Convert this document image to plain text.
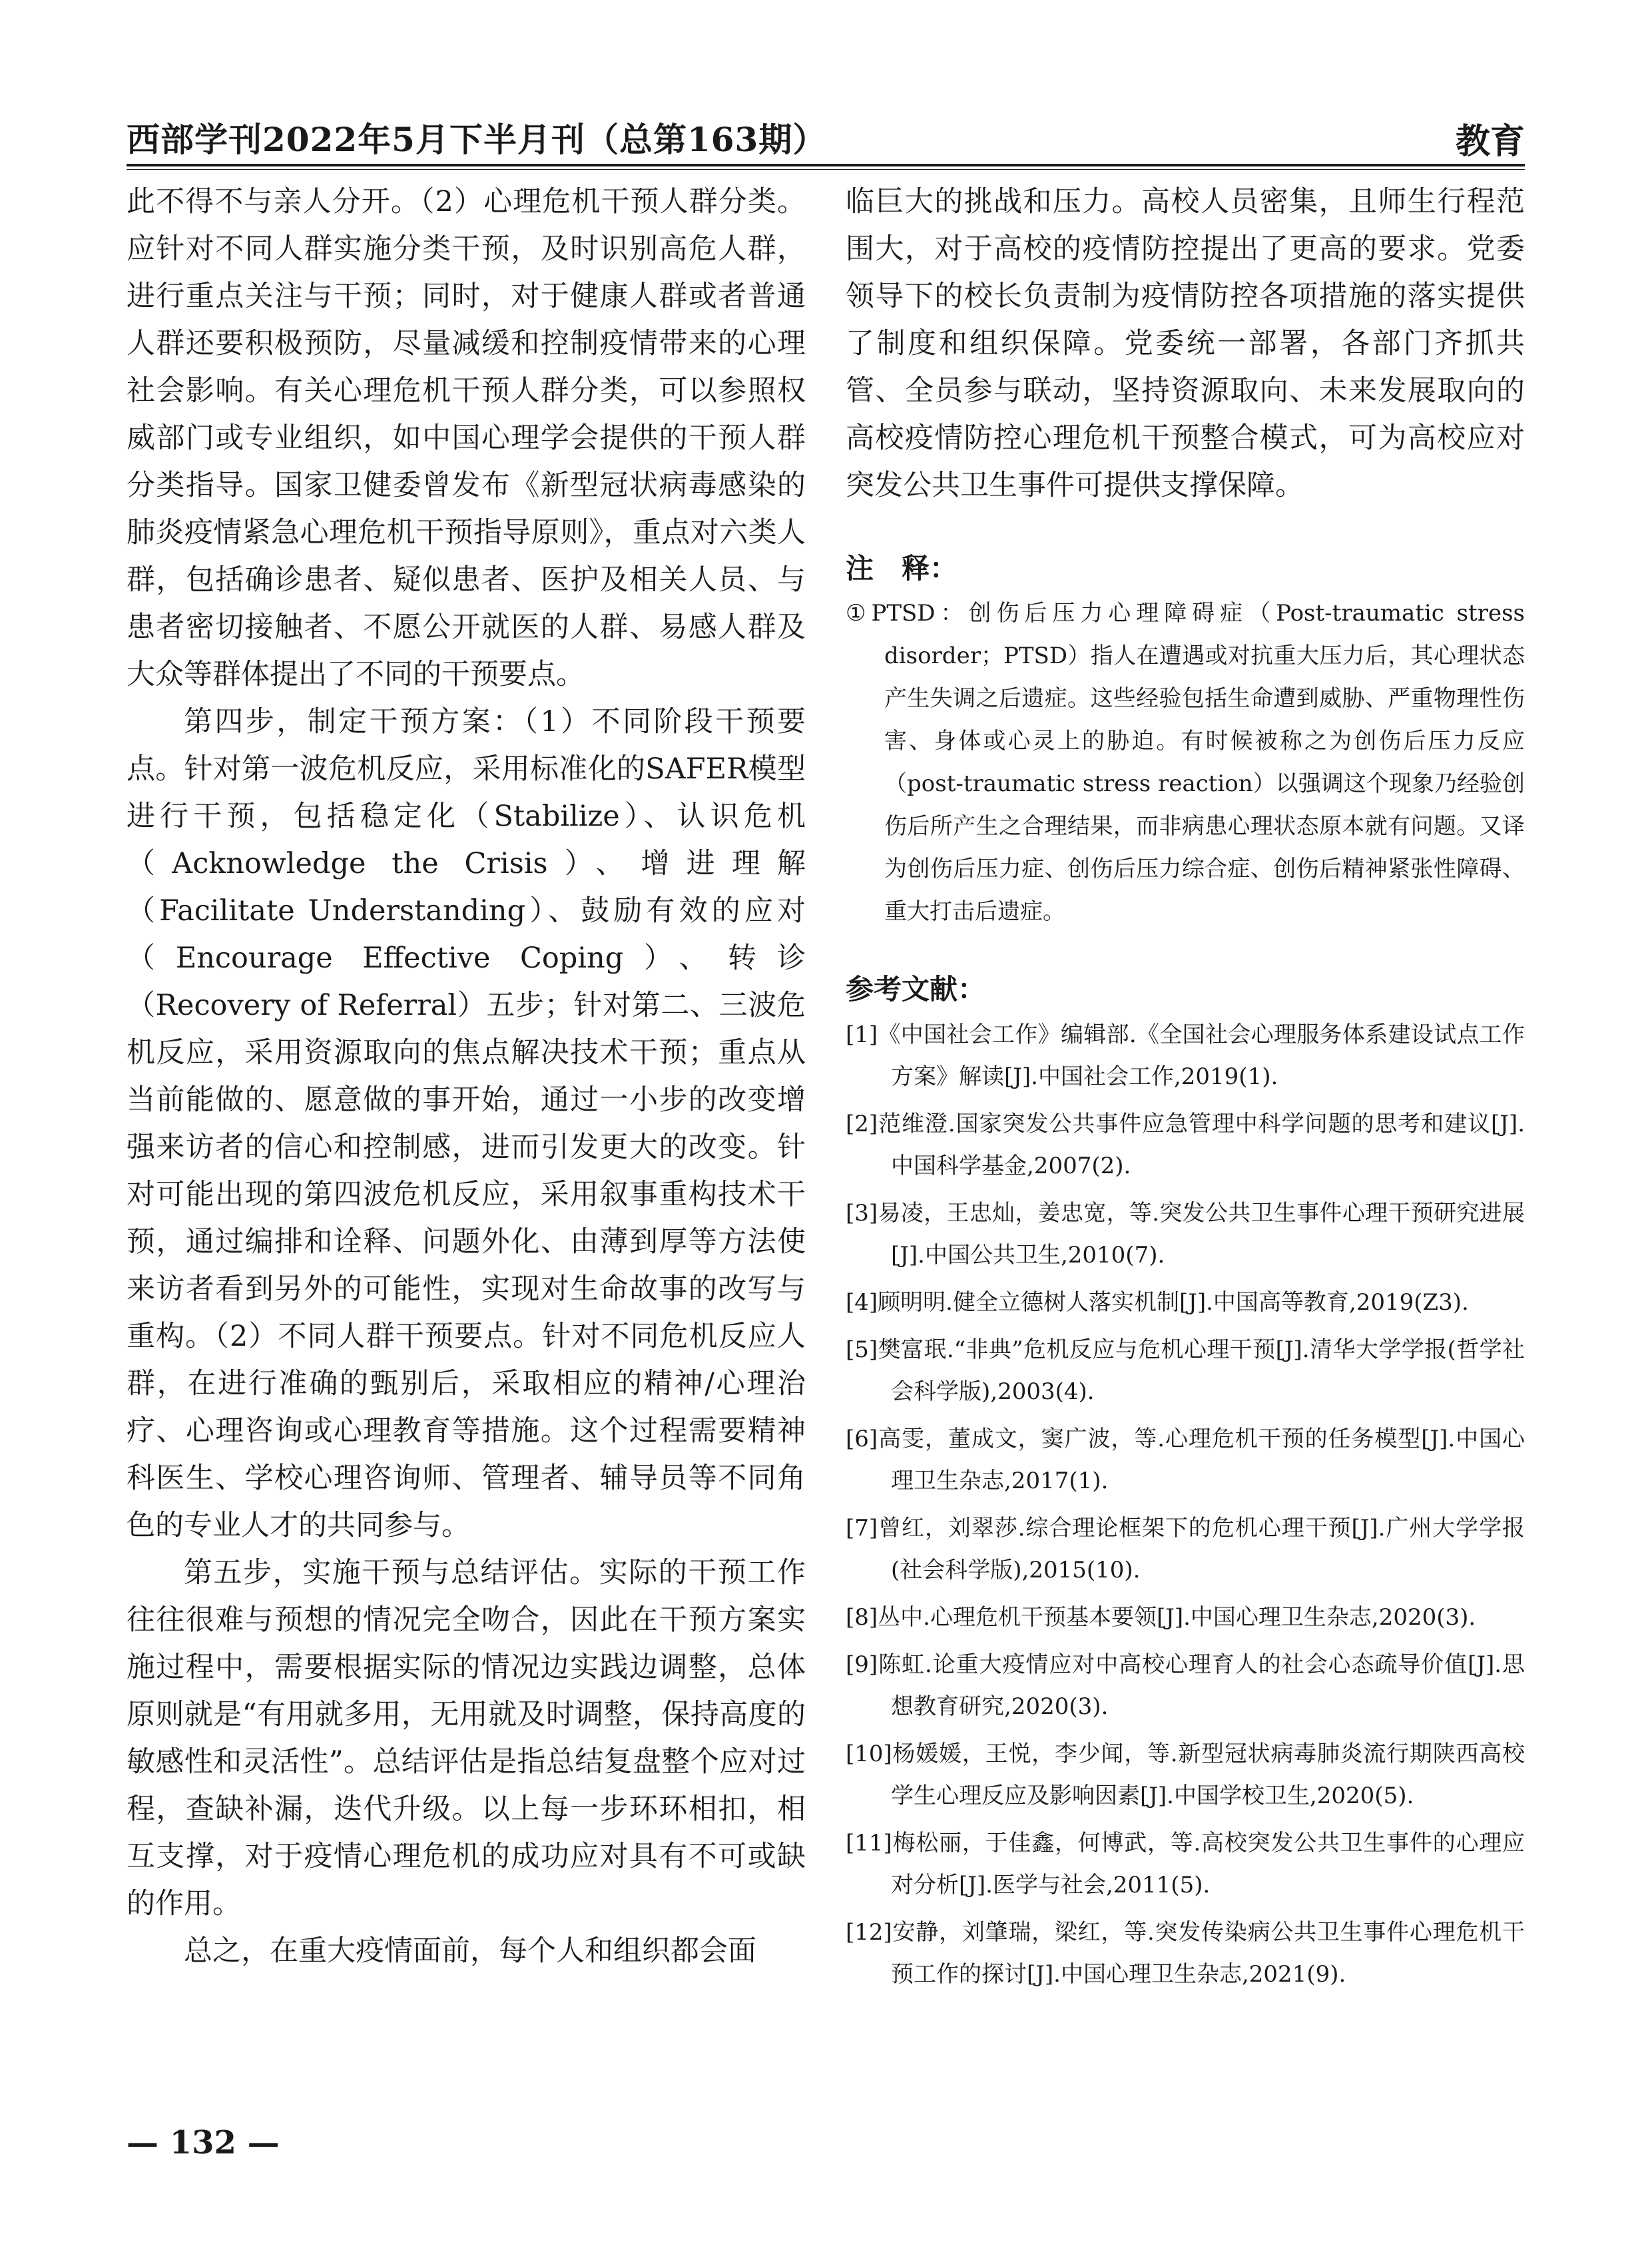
西部学刊2022年5月下半月刊（总第163期）	教育

此不得不与亲人分开。（2）心理危机干预人群分类。应针对不同人群实施分类干预，及时识别高危人群，进行重点关注与干预；同时，对于健康人群或者普通人群还要积极预防，尽量减缓和控制疫情带来的心理社会影响。有关心理危机干预人群分类，可以参照权威部门或专业组织，如中国心理学会提供的干预人群分类指导。国家卫健委曾发布《新型冠状病毒感染的肺炎疫情紧急心理危机干预指导原则》，重点对六类人群，包括确诊患者、疑似患者、医护及相关人员、与患者密切接触者、不愿公开就医的人群、易感人群及大众等群体提出了不同的干预要点。

第四步，制定干预方案：（1）不同阶段干预要点。针对第一波危机反应，采用标准化的SAFER模型进行干预，包括稳定化（Stabilize）、认识危机（Acknowledge the Crisis）、增进理解（Facilitate Understanding）、鼓励有效的应对（Encourage Effective Coping）、转诊（Recovery of Referral）五步；针对第二、三波危机反应，采用资源取向的焦点解决技术干预；重点从当前能做的、愿意做的事开始，通过一小步的改变增强来访者的信心和控制感，进而引发更大的改变。针对可能出现的第四波危机反应，采用叙事重构技术干预，通过编排和诠释、问题外化、由薄到厚等方法使来访者看到另外的可能性，实现对生命故事的改写与重构。（2）不同人群干预要点。针对不同危机反应人群，在进行准确的甄别后，采取相应的精神/心理治疗、心理咨询或心理教育等措施。这个过程需要精神科医生、学校心理咨询师、管理者、辅导员等不同角色的专业人才的共同参与。

第五步，实施干预与总结评估。实际的干预工作往往很难与预想的情况完全吻合，因此在干预方案实施过程中，需要根据实际的情况边实践边调整，总体原则就是“有用就多用，无用就及时调整，保持高度的敏感性和灵活性”。总结评估是指总结复盘整个应对过程，查缺补漏，迭代升级。以上每一步环环相扣，相互支撑，对于疫情心理危机的成功应对具有不可或缺的作用。

总之，在重大疫情面前，每个人和组织都会面

临巨大的挑战和压力。高校人员密集，且师生行程范围大，对于高校的疫情防控提出了更高的要求。党委领导下的校长负责制为疫情防控各项措施的落实提供了制度和组织保障。党委统一部署，各部门齐抓共管、全员参与联动，坚持资源取向、未来发展取向的高校疫情防控心理危机干预整合模式，可为高校应对突发公共卫生事件可提供支撑保障。

注　释：

①PTSD：创伤后压力心理障碍症（Post-traumatic stress disorder；PTSD）指人在遭遇或对抗重大压力后，其心理状态产生失调之后遗症。这些经验包括生命遭到威胁、严重物理性伤害、身体或心灵上的胁迫。有时候被称之为创伤后压力反应（post-traumatic stress reaction）以强调这个现象乃经验创伤后所产生之合理结果，而非病患心理状态原本就有问题。又译为创伤后压力症、创伤后压力综合症、创伤后精神紧张性障碍、重大打击后遗症。

参考文献：

[1]《中国社会工作》编辑部.《全国社会心理服务体系建设试点工作方案》解读[J].中国社会工作,2019(1).

[2]范维澄.国家突发公共事件应急管理中科学问题的思考和建议[J].中国科学基金,2007(2).

[3]易凌，王忠灿，姜忠宽，等.突发公共卫生事件心理干预研究进展[J].中国公共卫生,2010(7).

[4]顾明明.健全立德树人落实机制[J].中国高等教育,2019(Z3).

[5]樊富珉.“非典”危机反应与危机心理干预[J].清华大学学报(哲学社会科学版),2003(4).

[6]高雯，董成文，窦广波，等.心理危机干预的任务模型[J].中国心理卫生杂志,2017(1).

[7]曾红，刘翠莎.综合理论框架下的危机心理干预[J].广州大学学报(社会科学版),2015(10).

[8]丛中.心理危机干预基本要领[J].中国心理卫生杂志,2020(3).

[9]陈虹.论重大疫情应对中高校心理育人的社会心态疏导价值[J].思想教育研究,2020(3).

[10]杨媛媛，王悦，李少闻，等.新型冠状病毒肺炎流行期陕西高校学生心理反应及影响因素[J].中国学校卫生,2020(5).

[11]梅松丽，于佳鑫，何博武，等.高校突发公共卫生事件的心理应对分析[J].医学与社会,2011(5).

[12]安静，刘肇瑞，梁红，等.突发传染病公共卫生事件心理危机干预工作的探讨[J].中国心理卫生杂志,2021(9).

— 132 —
